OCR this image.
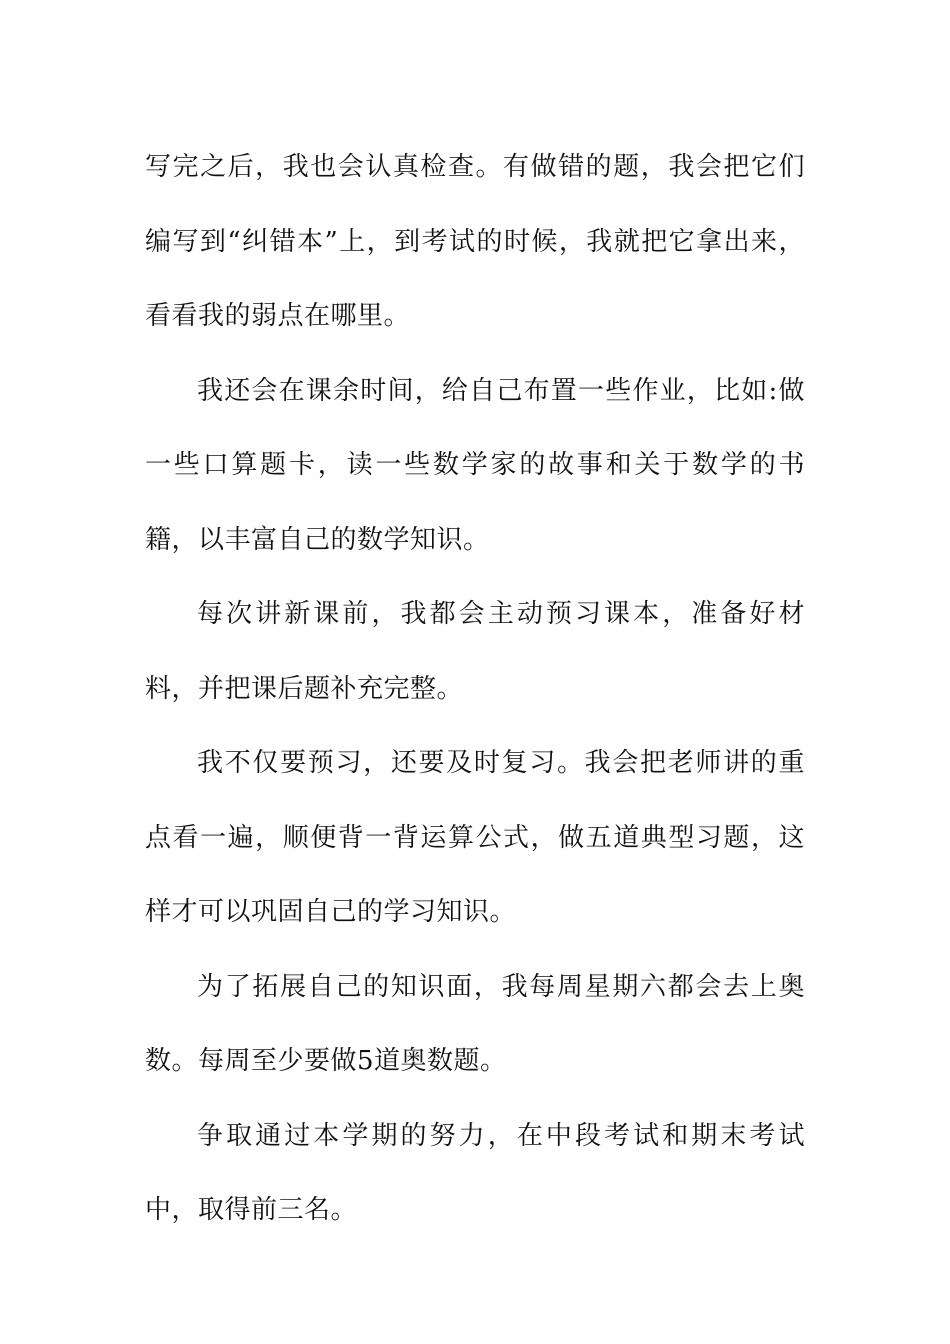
写完之后，我也会认真检查。有做错的题，我会把它们编写到“纠错本”上，到考试的时候，我就把它拿出来，看看我的弱点在哪里。

我还会在课余时间，给自己布置一些作业，比如:做一些口算题卡，读一些数学家的故事和关于数学的书籍，以丰富自己的数学知识。

每次讲新课前，我都会主动预习课本，准备好材料，并把课后题补充完整。

我不仅要预习，还要及时复习。我会把老师讲的重点看一遍，顺便背一背运算公式，做五道典型习题，这样才可以巩固自己的学习知识。

为了拓展自己的知识面，我每周星期六都会去上奥数。每周至少要做5道奥数题。

争取通过本学期的努力，在中段考试和期末考试中，取得前三名。
